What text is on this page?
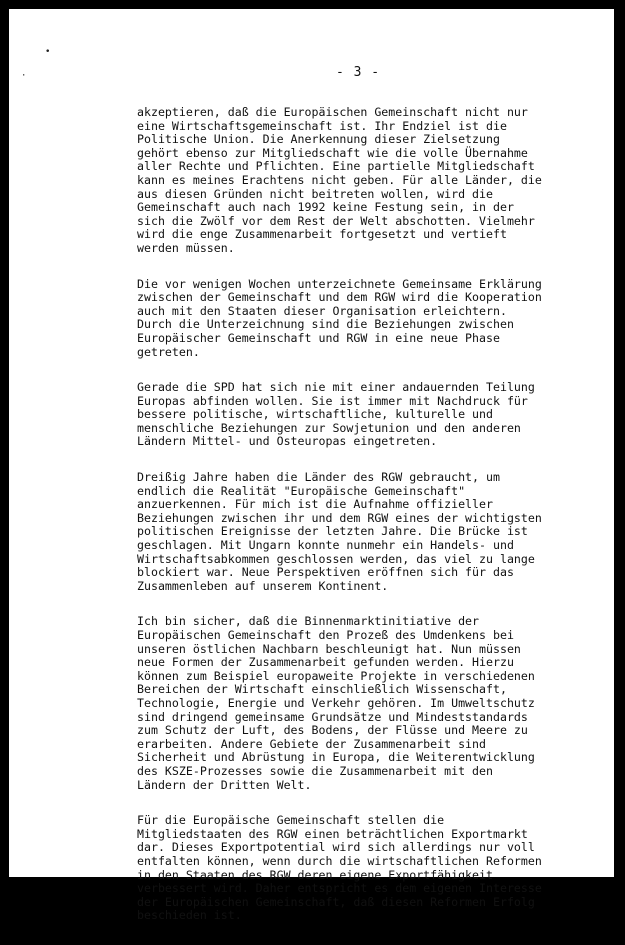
•
·	- 3 -
akzeptieren, daß die Europäischen Gemeinschaft nicht nur
eine Wirtschaftsgemeinschaft ist. Ihr Endziel ist die
Politische Union. Die Anerkennung dieser Zielsetzung
gehört ebenso zur Mitgliedschaft wie die volle Übernahme
aller Rechte und Pflichten. Eine partielle Mitgliedschaft
kann es meines Erachtens nicht geben. Für alle Länder, die
aus diesen Gründen nicht beitreten wollen, wird die
Gemeinschaft auch nach 1992 keine Festung sein, in der
sich die Zwölf vor dem Rest der Welt abschotten. Vielmehr
wird die enge Zusammenarbeit fortgesetzt und vertieft
werden müssen.
Die vor wenigen Wochen unterzeichnete Gemeinsame Erklärung
zwischen der Gemeinschaft und dem RGW wird die Kooperation
auch mit den Staaten dieser Organisation erleichtern.
Durch die Unterzeichnung sind die Beziehungen zwischen
Europäischer Gemeinschaft und RGW in eine neue Phase
getreten.
Gerade die SPD hat sich nie mit einer andauernden Teilung
Europas abfinden wollen. Sie ist immer mit Nachdruck für
bessere politische, wirtschaftliche, kulturelle und
menschliche Beziehungen zur Sowjetunion und den anderen
Ländern Mittel- und Osteuropas eingetreten.
Dreißig Jahre haben die Länder des RGW gebraucht, um
endlich die Realität "Europäische Gemeinschaft"
anzuerkennen. Für mich ist die Aufnahme offizieller
Beziehungen zwischen ihr und dem RGW eines der wichtigsten
politischen Ereignisse der letzten Jahre. Die Brücke ist
geschlagen. Mit Ungarn konnte nunmehr ein Handels- und
Wirtschaftsabkommen geschlossen werden, das viel zu lange
blockiert war. Neue Perspektiven eröffnen sich für das
Zusammenleben auf unserem Kontinent.
Ich bin sicher, daß die Binnenmarktinitiative der
Europäischen Gemeinschaft den Prozeß des Umdenkens bei
unseren östlichen Nachbarn beschleunigt hat. Nun müssen
neue Formen der Zusammenarbeit gefunden werden. Hierzu
können zum Beispiel europaweite Projekte in verschiedenen
Bereichen der Wirtschaft einschließlich Wissenschaft,
Technologie, Energie und Verkehr gehören. Im Umweltschutz
sind dringend gemeinsame Grundsätze und Mindeststandards
zum Schutz der Luft, des Bodens, der Flüsse und Meere zu
erarbeiten. Andere Gebiete der Zusammenarbeit sind
Sicherheit und Abrüstung in Europa, die Weiterentwicklung
des KSZE-Prozesses sowie die Zusammenarbeit mit den
Ländern der Dritten Welt.
Für die Europäische Gemeinschaft stellen die
Mitgliedstaaten des RGW einen beträchtlichen Exportmarkt
dar. Dieses Exportpotential wird sich allerdings nur voll
entfalten können, wenn durch die wirtschaftlichen Reformen
in den Staaten des RGW deren eigene Exportfähigkeit
verbessert wird. Daher entspricht es dem eigenen Interesse
der Europäischen Gemeinschaft, daß diesen Reformen Erfolg
beschieden ist.
